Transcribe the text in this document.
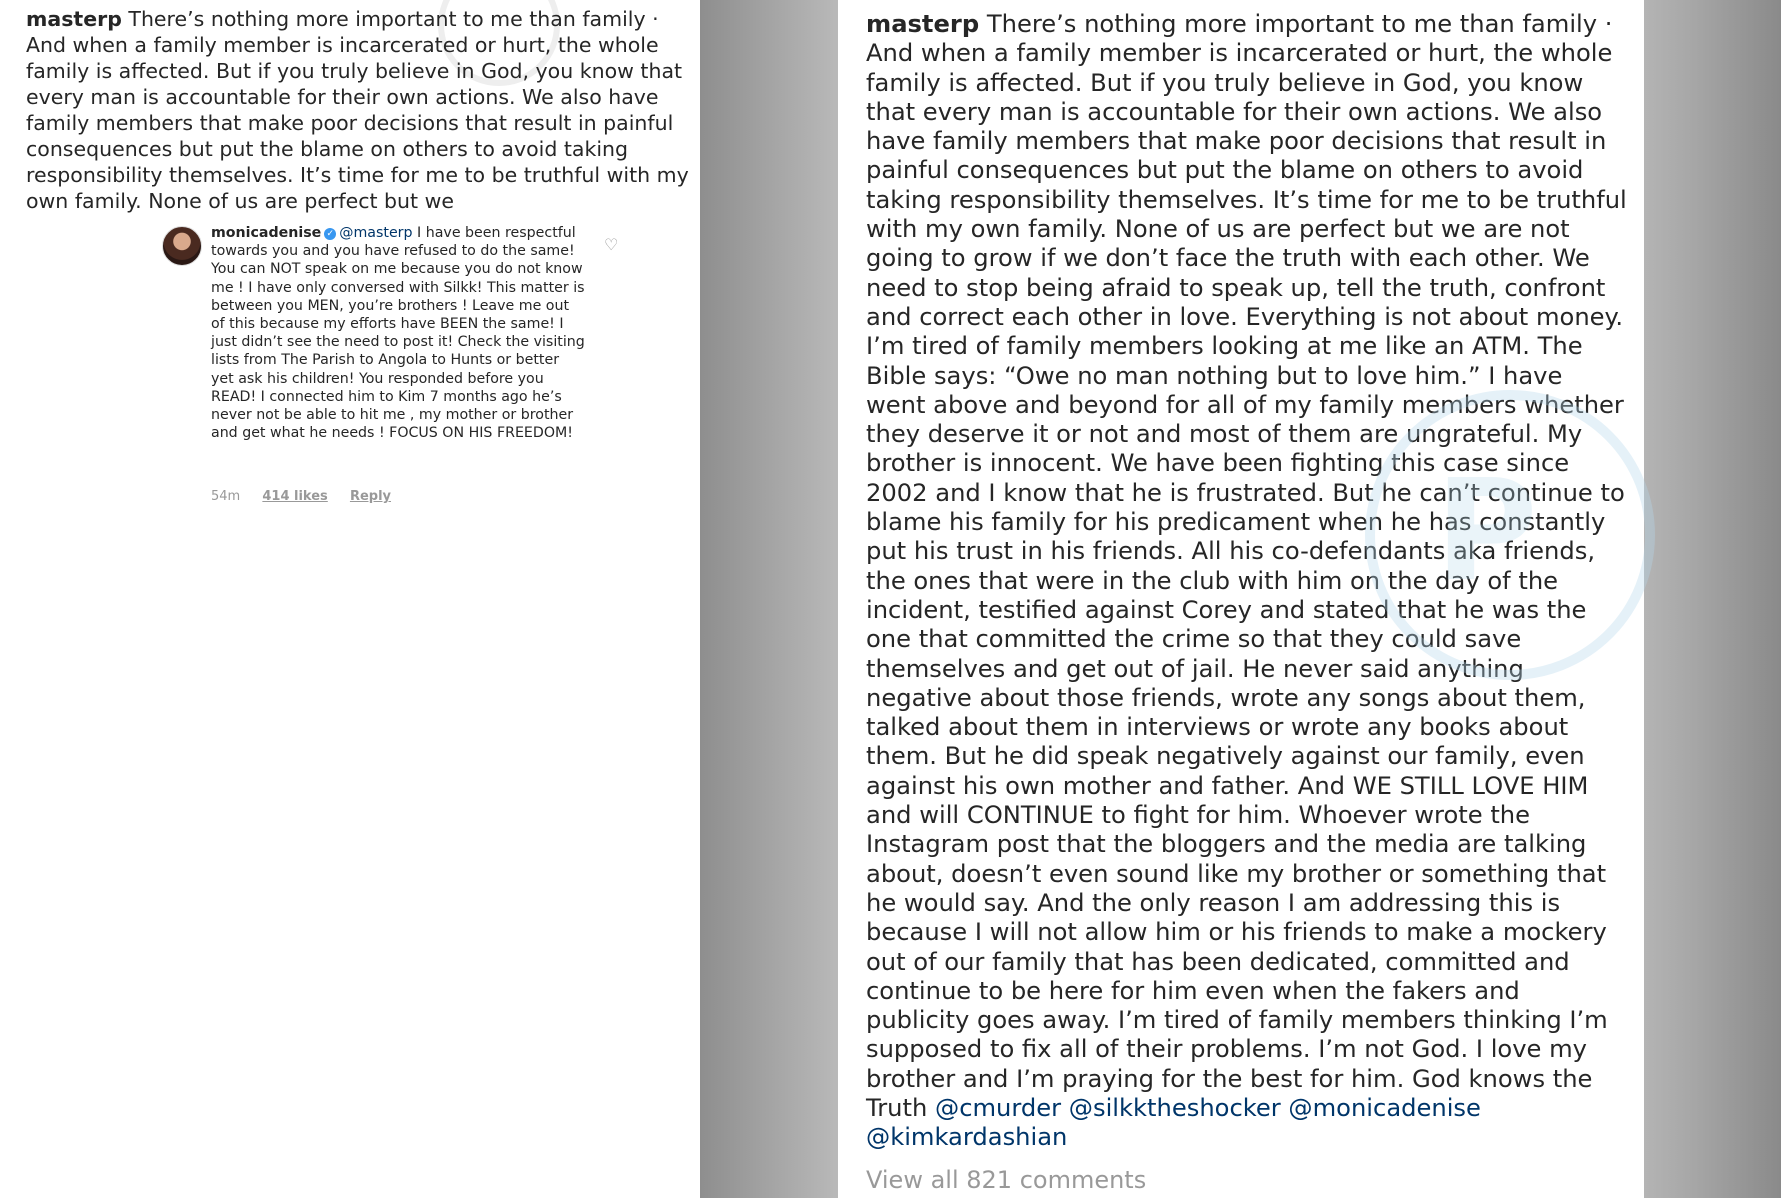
masterp There’s nothing more important to me than family · And when a family member is incarcerated or hurt, the whole family is affected. But if you truly believe in God, you know that every man is accountable for their own actions. We also have family members that make poor decisions that result in painful consequences but put the blame on others to avoid taking responsibility themselves. It’s time for me to be truthful with my own family. None of us are perfect but we
monicadenise ✓ @masterp I have been respectful towards you and you have refused to do the same! You can NOT speak on me because you do not know me ! I have only conversed with Silkk! This matter is between you MEN, you’re brothers ! Leave me out of this because my efforts have BEEN the same! I just didn’t see the need to post it! Check the visiting lists from The Parish to Angola to Hunts or better yet ask his children! You responded before you READ! I connected him to Kim 7 months ago he’s never not be able to hit me , my mother or brother and get what he needs ! FOCUS ON HIS FREEDOM!
♡
54m 414 likes Reply

masterp There’s nothing more important to me than family · And when a family member is incarcerated or hurt, the whole family is affected. But if you truly believe in God, you know that every man is accountable for their own actions. We also have family members that make poor decisions that result in painful consequences but put the blame on others to avoid taking responsibility themselves. It’s time for me to be truthful with my own family. None of us are perfect but we are not going to grow if we don’t face the truth with each other. We need to stop being afraid to speak up, tell the truth, confront and correct each other in love. Everything is not about money. I’m tired of family members looking at me like an ATM. The Bible says: “Owe no man nothing but to love him.” I have went above and beyond for all of my family members whether they deserve it or not and most of them are ungrateful. My brother is innocent. We have been fighting this case since 2002 and I know that he is frustrated. But he can’t continue to blame his family for his predicament when he has constantly put his trust in his friends. All his co-defendants aka friends, the ones that were in the club with him on the day of the incident, testified against Corey and stated that he was the one that committed the crime so that they could save themselves and get out of jail. He never said anything negative about those friends, wrote any songs about them, talked about them in interviews or wrote any books about them. But he did speak negatively against our family, even against his own mother and father. And WE STILL LOVE HIM and will CONTINUE to fight for him. Whoever wrote the Instagram post that the bloggers and the media are talking about, doesn’t even sound like my brother or something that he would say. And the only reason I am addressing this is because I will not allow him or his friends to make a mockery out of our family that has been dedicated, committed and continue to be here for him even when the fakers and publicity goes away. I’m tired of family members thinking I’m supposed to fix all of their problems. I’m not God. I love my brother and I’m praying for the best for him. God knows the Truth @cmurder @silkktheshocker @monicadenise @kimkardashian

View all 821 comments
P
